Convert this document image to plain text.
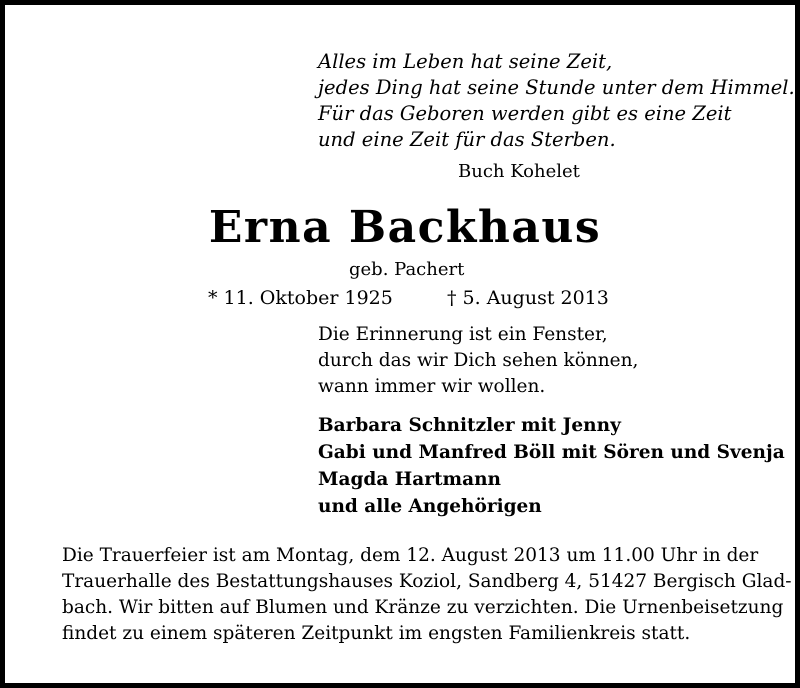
Alles im Leben hat seine Zeit,
jedes Ding hat seine Stunde unter dem Himmel.
Für das Geboren werden gibt es eine Zeit
und eine Zeit für das Sterben.
Buch Kohelet
Erna Backhaus
geb. Pachert
* 11. Oktober 1925	† 5. August 2013
Die Erinnerung ist ein Fenster,
durch das wir Dich sehen können,
wann immer wir wollen.
Barbara Schnitzler mit Jenny
Gabi und Manfred Böll mit Sören und Svenja
Magda Hartmann
und alle Angehörigen
Die Trauerfeier ist am Montag, dem 12. August 2013 um 11.00 Uhr in der
Trauerhalle des Bestattungshauses Koziol, Sandberg 4, 51427 Bergisch Glad-
bach. Wir bitten auf Blumen und Kränze zu verzichten. Die Urnenbeisetzung
findet zu einem späteren Zeitpunkt im engsten Familienkreis statt.
